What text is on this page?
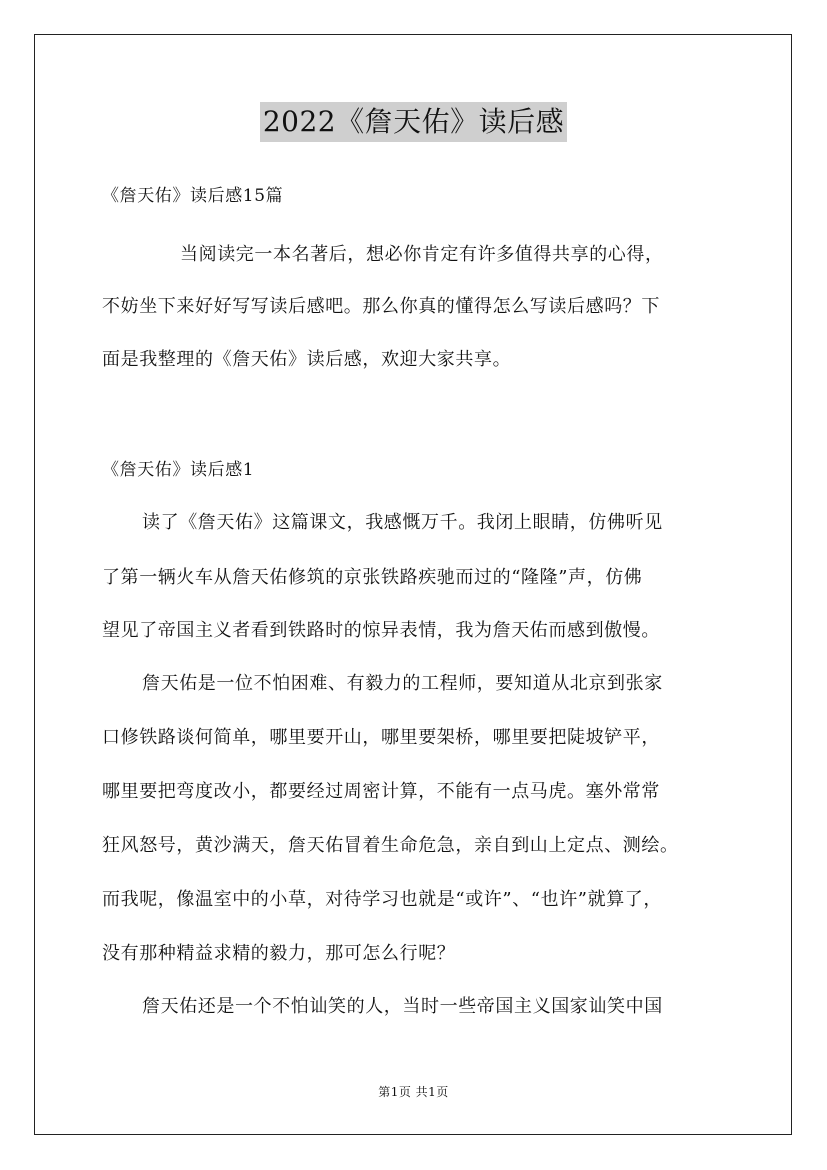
2022《詹天佑》读后感
《詹天佑》读后感15篇
当阅读完一本名著后，想必你肯定有许多值得共享的心得，
不妨坐下来好好写写读后感吧。那么你真的懂得怎么写读后感吗？下
面是我整理的《詹天佑》读后感，欢迎大家共享。
《詹天佑》读后感1
读了《詹天佑》这篇课文，我感慨万千。我闭上眼睛，仿佛听见
了第一辆火车从詹天佑修筑的京张铁路疾驰而过的“隆隆”声，仿佛
望见了帝国主义者看到铁路时的惊异表情，我为詹天佑而感到傲慢。
詹天佑是一位不怕困难、有毅力的工程师，要知道从北京到张家
口修铁路谈何简单，哪里要开山，哪里要架桥，哪里要把陡坡铲平，
哪里要把弯度改小，都要经过周密计算，不能有一点马虎。塞外常常
狂风怒号，黄沙满天，詹天佑冒着生命危急，亲自到山上定点、测绘。
而我呢，像温室中的小草，对待学习也就是“或许”、“也许”就算了，
没有那种精益求精的毅力，那可怎么行呢？
詹天佑还是一个不怕讪笑的人，当时一些帝国主义国家讪笑中国
第1页 共1页
